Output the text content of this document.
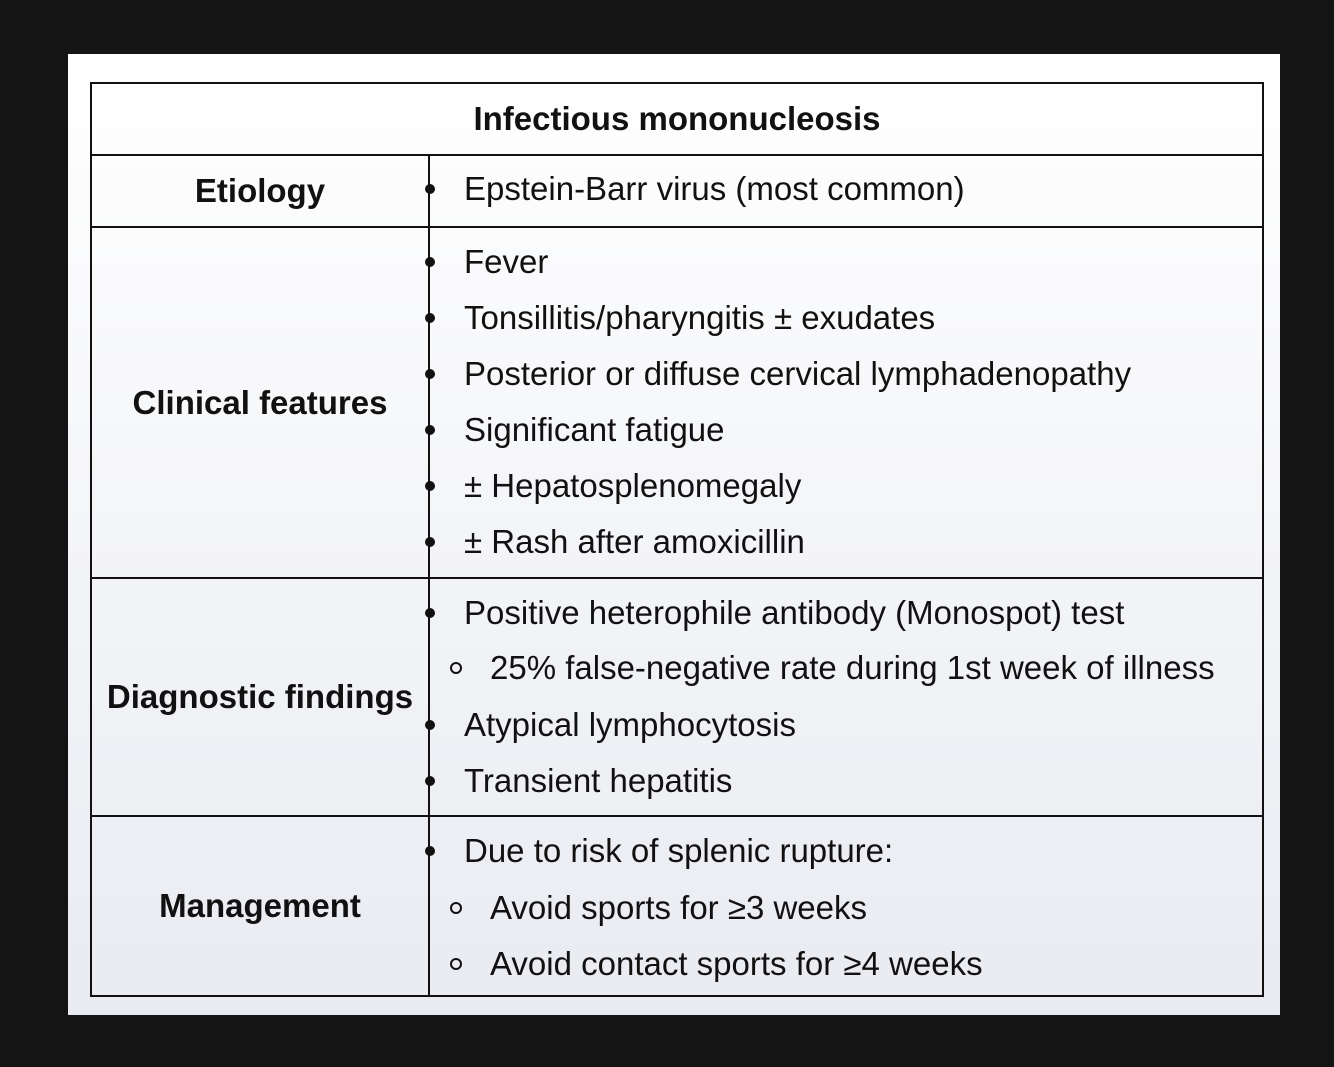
Infectious mononucleosis
Etiology	Epstein-Barr virus (most common)
Clinical features
Fever
Tonsillitis/pharyngitis ± exudates
Posterior or diffuse cervical lymphadenopathy
Significant fatigue
± Hepatosplenomegaly
± Rash after amoxicillin
Diagnostic findings
Positive heterophile antibody (Monospot) test
25% false-negative rate during 1st week of illness
Atypical lymphocytosis
Transient hepatitis
Management
Due to risk of splenic rupture:
Avoid sports for ≥3 weeks
Avoid contact sports for ≥4 weeks
